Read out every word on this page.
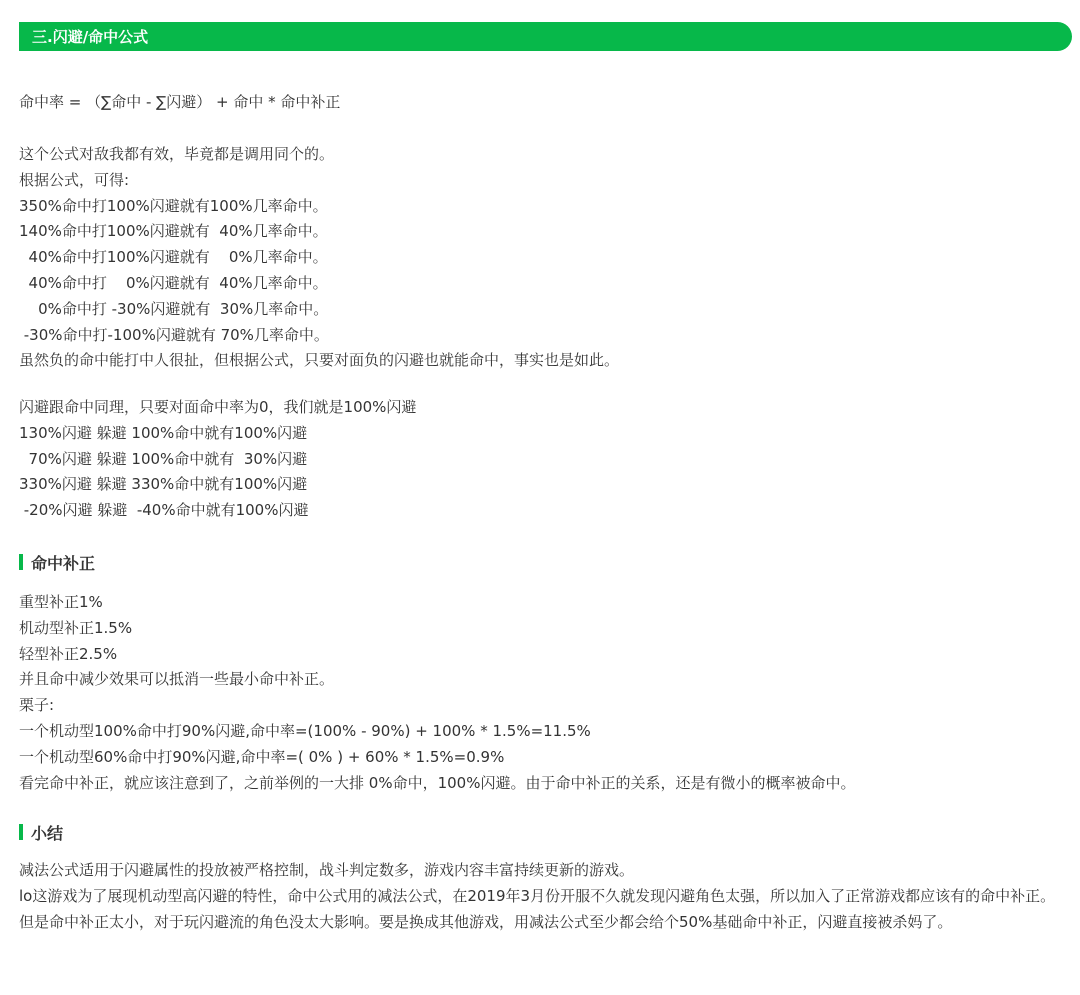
三.闪避/命中公式
命中率 = （∑命中 - ∑闪避） + 命中 * 命中补正
这个公式对敌我都有效，毕竟都是调用同个的。
根据公式，可得:
350%命中打100%闪避就有100%几率命中。
140%命中打100%闪避就有  40%几率命中。
40%命中打100%闪避就有    0%几率命中。
40%命中打    0%闪避就有  40%几率命中。
0%命中打 -30%闪避就有  30%几率命中。
-30%命中打-100%闪避就有 70%几率命中。
虽然负的命中能打中人很扯，但根据公式，只要对面负的闪避也就能命中，事实也是如此。
闪避跟命中同理，只要对面命中率为0，我们就是100%闪避
130%闪避 躲避 100%命中就有100%闪避
70%闪避 躲避 100%命中就有  30%闪避
330%闪避 躲避 330%命中就有100%闪避
-20%闪避 躲避  -40%命中就有100%闪避
命中补正
重型补正1%
机动型补正1.5%
轻型补正2.5%
并且命中减少效果可以抵消一些最小命中补正。
栗子:
一个机动型100%命中打90%闪避,命中率=(100% - 90%) + 100% * 1.5%=11.5%
一个机动型60%命中打90%闪避,命中率=( 0% ) + 60% * 1.5%=0.9%
看完命中补正，就应该注意到了，之前举例的一大排 0%命中，100%闪避。由于命中补正的关系，还是有微小的概率被命中。
小结
减法公式适用于闪避属性的投放被严格控制，战斗判定数多，游戏内容丰富持续更新的游戏。
lo这游戏为了展现机动型高闪避的特性，命中公式用的减法公式，在2019年3月份开服不久就发现闪避角色太强，所以加入了正常游戏都应该有的命中补正。但是命中补正太小，对于玩闪避流的角色没太大影响。要是换成其他游戏，用减法公式至少都会给个50%基础命中补正，闪避直接被杀妈了。
